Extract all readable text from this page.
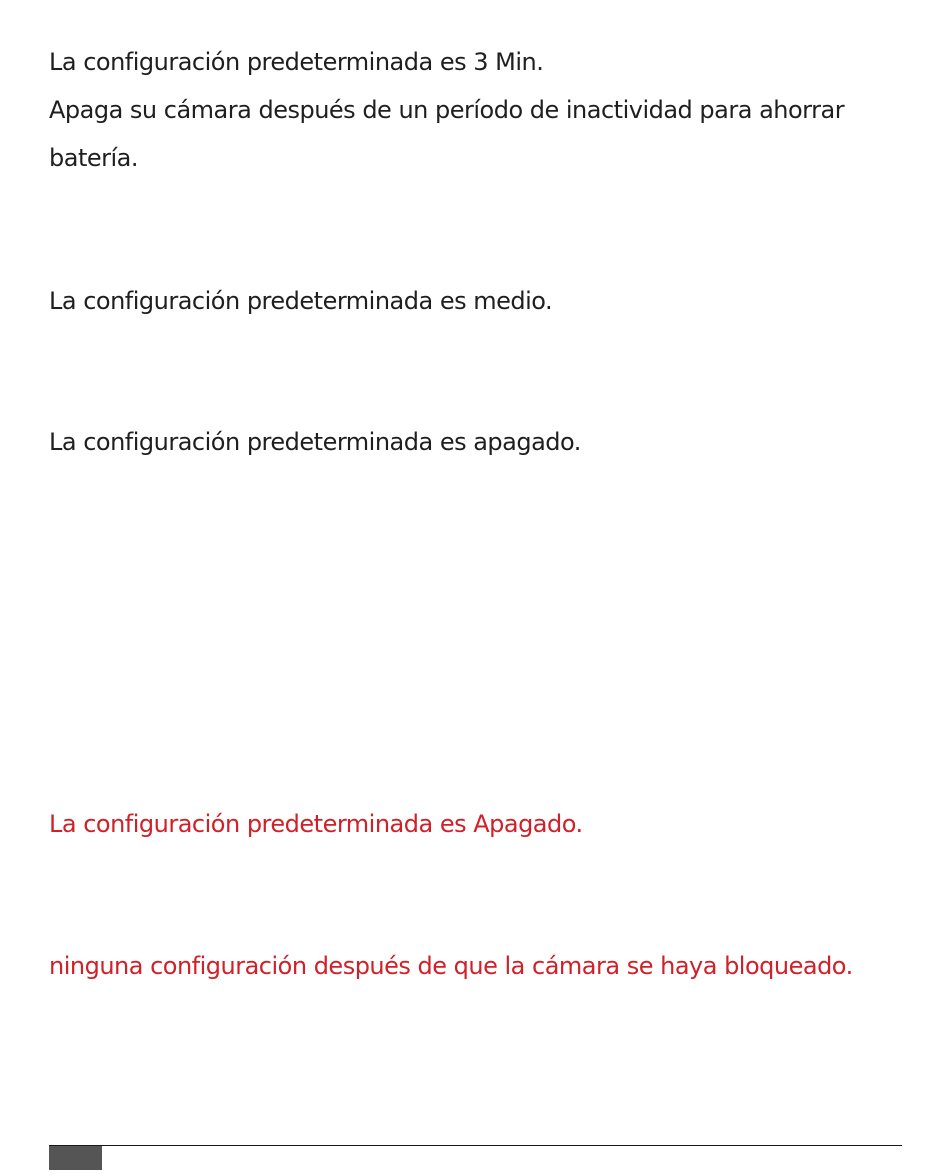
La configuración predeterminada es 3 Min.
Apaga su cámara después de un período de inactividad para ahorrar
batería.
La configuración predeterminada es medio.
La configuración predeterminada es apagado.
La configuración predeterminada es Apagado.
ninguna configuración después de que la cámara se haya bloqueado.
